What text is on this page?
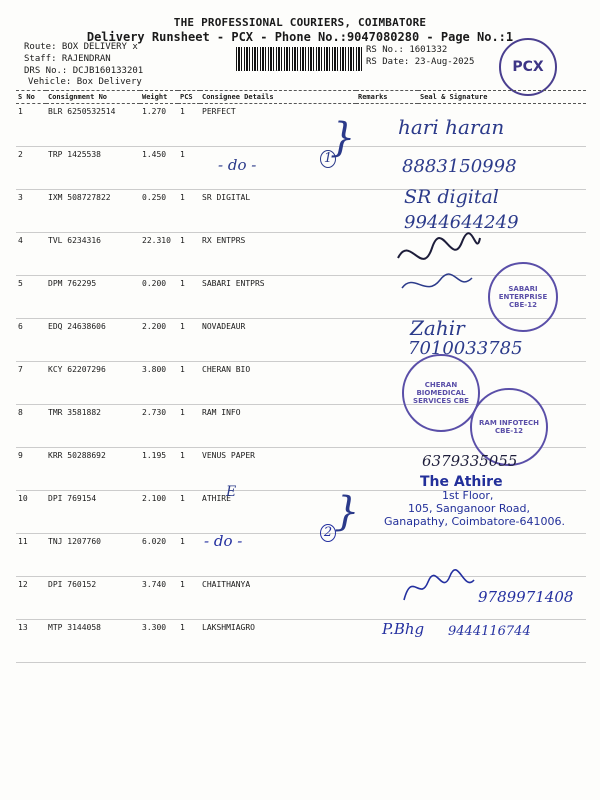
THE PROFESSIONAL COURIERS, COIMBATORE
Delivery Runsheet - PCX - Phone No.:9047080280 - Page No.:1
Route: BOX DELIVERY x
Staff: RAJENDRAN
DRS No.: DCJB160133201
Vehicle: Box Delivery
RS No.: 1601332
RS Date: 23-Aug-2025	PCX
S No	Consignment No	Weight	PCS	Consignee Details	Remarks	Seal & Signature
1	BLR 6250532514	1.270	1	PERFECT		
2	TRP 1425538	1.450	1			
3	IXM 508727822	0.250	1	SR DIGITAL		
4	TVL 6234316	22.310	1	RX ENTPRS		
5	DPM 762295	0.200	1	SABARI ENTPRS		
6	EDQ 24638606	2.200	1	NOVADEAUR		
7	KCY 62207296	3.800	1	CHERAN BIO		
8	TMR 3581882	2.730	1	RAM INFO		
9	KRR 50288692	1.195	1	VENUS PAPER		
10	DPI 769154	2.100	1	ATHIRE		
11	TNJ 1207760	6.020	1			
12	DPI 760152	3.740	1	CHAITHANYA		
13	MTP 3144058	3.300	1	LAKSHMIAGRO		
}
- do -	1
hari haran
8883150998
SR digital
9944644249
SABARI ENTERPRISE CBE-12
Zahir
7010033785
CHERAN BIOMEDICAL SERVICES CBE
RAM INFOTECH CBE-12
6379335055
The Athire
1st Floor,
105, Sanganoor Road,
Ganapathy, Coimbatore-641006.
E }
- do -	2
9789971408
P.Bhg 9444116744
